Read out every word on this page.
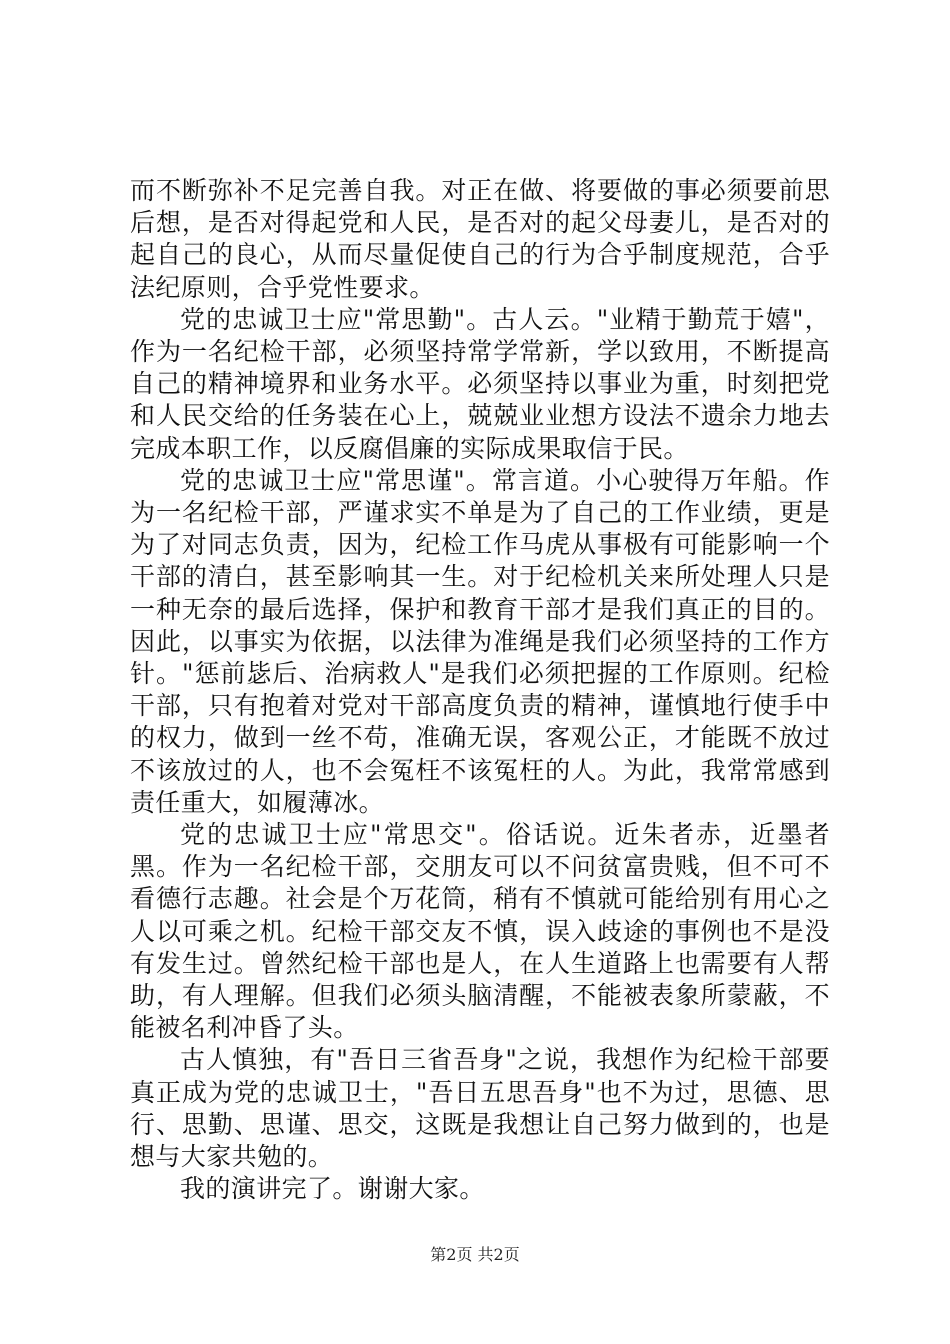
而不断弥补不足完善自我。对正在做、将要做的事必须要前思后想，是否对得起党和人民，是否对的起父母妻儿，是否对的起自己的良心，从而尽量促使自己的行为合乎制度规范，合乎法纪原则，合乎党性要求。

党的忠诚卫士应"常思勤"。古人云。"业精于勤荒于嬉"，作为一名纪检干部，必须坚持常学常新，学以致用，不断提高自己的精神境界和业务水平。必须坚持以事业为重，时刻把党和人民交给的任务装在心上，兢兢业业想方设法不遗余力地去完成本职工作，以反腐倡廉的实际成果取信于民。

党的忠诚卫士应"常思谨"。常言道。小心驶得万年船。作为一名纪检干部，严谨求实不单是为了自己的工作业绩，更是为了对同志负责，因为，纪检工作马虎从事极有可能影响一个干部的清白，甚至影响其一生。对于纪检机关来所处理人只是一种无奈的最后选择，保护和教育干部才是我们真正的目的。因此，以事实为依据，以法律为准绳是我们必须坚持的工作方针。"惩前毖后、治病救人"是我们必须把握的工作原则。纪检干部，只有抱着对党对干部高度负责的精神，谨慎地行使手中的权力，做到一丝不苟，准确无误，客观公正，才能既不放过不该放过的人，也不会冤枉不该冤枉的人。为此，我常常感到责任重大，如履薄冰。

党的忠诚卫士应"常思交"。俗话说。近朱者赤，近墨者黑。作为一名纪检干部，交朋友可以不问贫富贵贱，但不可不看德行志趣。社会是个万花筒，稍有不慎就可能给别有用心之人以可乘之机。纪检干部交友不慎，误入歧途的事例也不是没有发生过。曾然纪检干部也是人，在人生道路上也需要有人帮助，有人理解。但我们必须头脑清醒，不能被表象所蒙蔽，不能被名利冲昏了头。

古人慎独，有"吾日三省吾身"之说，我想作为纪检干部要真正成为党的忠诚卫士，"吾日五思吾身"也不为过，思德、思行、思勤、思谨、思交，这既是我想让自己努力做到的，也是想与大家共勉的。

我的演讲完了。谢谢大家。

第2页 共2页
